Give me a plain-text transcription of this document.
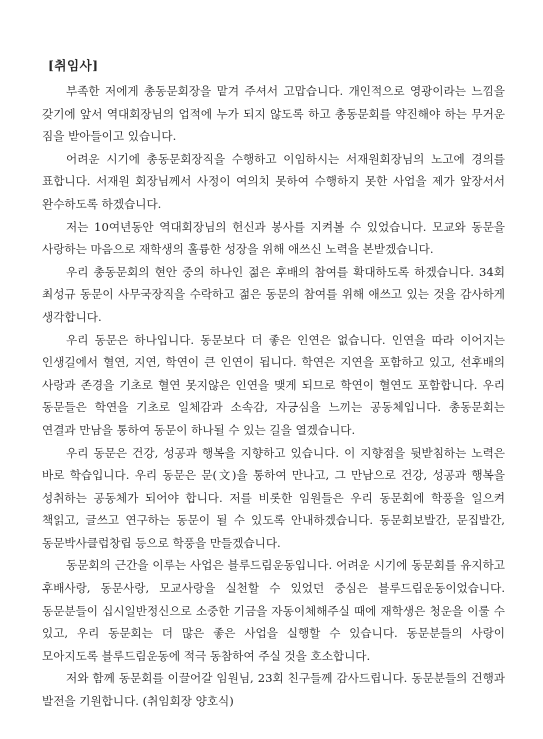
[취임사]

부족한 저에게 총동문회장을 맡겨 주셔서 고맙습니다. 개인적으로 영광이라는 느낌을 갖기에 앞서 역대회장님의 업적에 누가 되지 않도록 하고 총동문회를 약진해야 하는 무거운 짐을 받아들이고 있습니다.

어려운 시기에 총동문회장직을 수행하고 이임하시는 서재원회장님의 노고에 경의를 표합니다. 서재원 회장님께서 사정이 여의치 못하여 수행하지 못한 사업을 제가 앞장서서 완수하도록 하겠습니다.

저는 10여년동안 역대회장님의 헌신과 봉사를 지켜볼 수 있었습니다. 모교와 동문을 사랑하는 마음으로 재학생의 훌륭한 성장을 위해 애쓰신 노력을 본받겠습니다.

우리 총동문회의 현안 중의 하나인 젊은 후배의 참여를 확대하도록 하겠습니다. 34회 최성규 동문이 사무국장직을 수락하고 젊은 동문의 참여를 위해 애쓰고 있는 것을 감사하게 생각합니다.

우리 동문은 하나입니다. 동문보다 더 좋은 인연은 없습니다. 인연을 따라 이어지는 인생길에서 혈연, 지연, 학연이 큰 인연이 됩니다. 학연은 지연을 포함하고 있고, 선후배의 사랑과 존경을 기초로 혈연 못지않은 인연을 맺게 되므로 학연이 혈연도 포함합니다. 우리 동문들은 학연을 기초로 일체감과 소속감, 자긍심을 느끼는 공동체입니다. 총동문회는 연결과 만남을 통하여 동문이 하나될 수 있는 길을 열겠습니다.

우리 동문은 건강, 성공과 행복을 지향하고 있습니다. 이 지향점을 뒷받침하는 노력은 바로 학습입니다. 우리 동문은 문(文)을 통하여 만나고, 그 만남으로 건강, 성공과 행복을 성취하는 공동체가 되어야 합니다. 저를 비롯한 임원들은 우리 동문회에 학풍을 일으켜 책읽고, 글쓰고 연구하는 동문이 될 수 있도록 안내하겠습니다. 동문회보발간, 문집발간, 동문박사클럽창립 등으로 학풍을 만들겠습니다.

동문회의 근간을 이루는 사업은 블루드림운동입니다. 어려운 시기에 동문회를 유지하고 후배사랑, 동문사랑, 모교사랑을 실천할 수 있었던 중심은 블루드림운동이었습니다. 동문분들이 십시일반정신으로 소중한 기금을 자동이체해주실 때에 재학생은 청운을 이룰 수 있고, 우리 동문회는 더 많은 좋은 사업을 실행할 수 있습니다. 동문분들의 사랑이 모아지도록 블루드림운동에 적극 동참하여 주실 것을 호소합니다.

저와 함께 동문회를 이끌어갈 임원님, 23회 친구들께 감사드립니다. 동문분들의 건행과 발전을 기원합니다. (취임회장 양호식)
